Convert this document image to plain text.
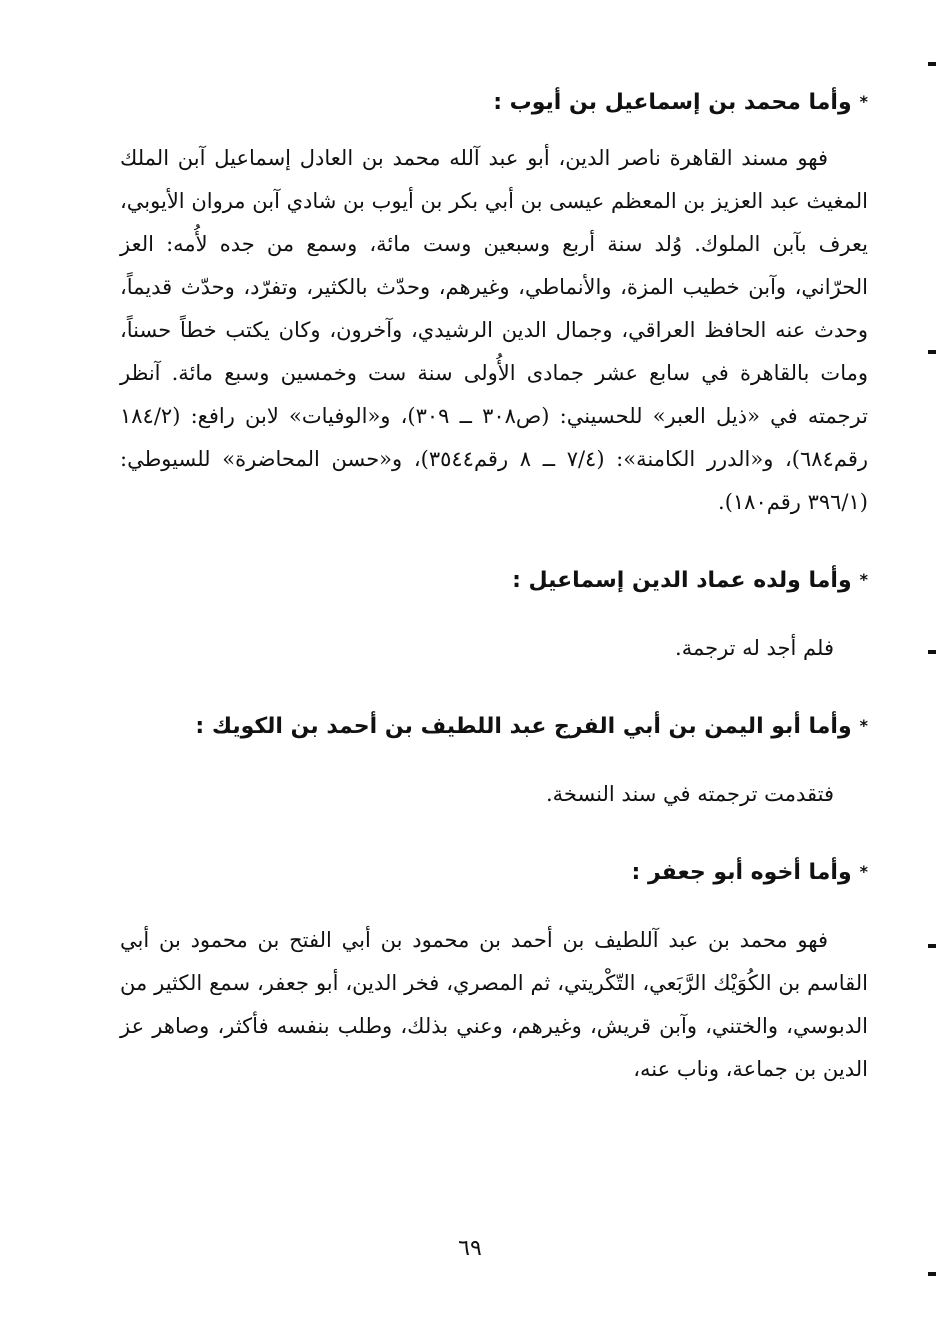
*وأما محمد بن إسماعيل بن أيوب :

فهو مسند القاهرة ناصر الدين، أبو عبد آلله محمد بن العادل إسماعيل آبن الملك المغيث عبد العزيز بن المعظم عيسى بن أبي بكر بن أيوب بن شادي آبن مروان الأيوبي، يعرف بآبن الملوك. وُلد سنة أربع وسبعين وست مائة، وسمع من جده لأُمه: العز الحرّاني، وآبن خطيب المزة، والأنماطي، وغيرهم، وحدّث بالكثير، وتفرّد، وحدّث قديماً، وحدث عنه الحافظ العراقي، وجمال الدين الرشيدي، وآخرون، وكان يكتب خطاً حسناً، ومات بالقاهرة في سابع عشر جمادى الأُولى سنة ست وخمسين وسبع مائة. آنظر ترجمته في «ذيل العبر» للحسيني: (ص٣٠٨ ــ ٣٠٩)، و«الوفيات» لابن رافع: (١٨٤/٢ رقم٦٨٤)، و«الدرر الكامنة»: (٧/٤ ــ ٨ رقم٣٥٤٤)، و«حسن المحاضرة» للسيوطي: (٣٩٦/١ رقم١٨٠).

*وأما ولده عماد الدين إسماعيل :

فلم أجد له ترجمة.

*وأما أبو اليمن بن أبي الفرج عبد اللطيف بن أحمد بن الكويك :

فتقدمت ترجمته في سند النسخة.

*وأما أخوه أبو جعفر :

فهو محمد بن عبد آللطيف بن أحمد بن محمود بن أبي الفتح بن محمود بن أبي القاسم بن الكُوَيْك الرَّبَعي، التّكْريتي، ثم المصري، فخر الدين، أبو جعفر، سمع الكثير من الدبوسي، والختني، وآبن قريش، وغيرهم، وعني بذلك، وطلب بنفسه فأكثر، وصاهر عز الدين بن جماعة، وناب عنه،

٦٩
